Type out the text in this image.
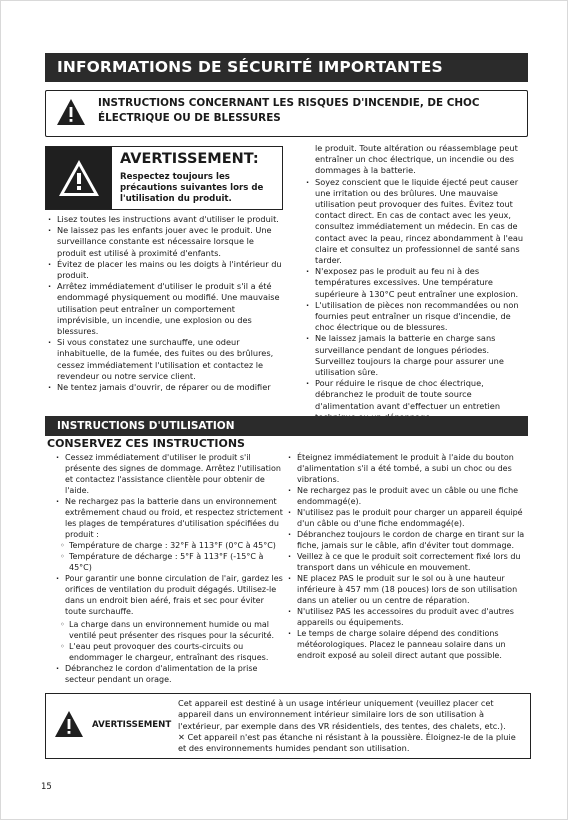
INFORMATIONS DE SÉCURITÉ IMPORTANTES
INSTRUCTIONS CONCERNANT LES RISQUES D'INCENDIE, DE CHOC ÉLECTRIQUE OU DE BLESSURES
AVERTISSEMENT:
Respectez toujours les précautions suivantes lors de l'utilisation du produit.
· Lisez toutes les instructions avant d'utiliser le produit.
· Ne laissez pas les enfants jouer avec le produit. Une surveillance constante est nécessaire lorsque le produit est utilisé à proximité d'enfants.
· Évitez de placer les mains ou les doigts à l'intérieur du produit.
· Arrêtez immédiatement d'utiliser le produit s'il a été endommagé physiquement ou modifié. Une mauvaise utilisation peut entraîner un comportement imprévisible, un incendie, une explosion ou des blessures.
· Si vous constatez une surchauffe, une odeur inhabituelle, de la fumée, des fuites ou des brûlures, cessez immédiatement l'utilisation et contactez le revendeur ou notre service client.
· Ne tentez jamais d'ouvrir, de réparer ou de modifier
le produit. Toute altération ou réassemblage peut entraîner un choc électrique, un incendie ou des dommages à la batterie.
· Soyez conscient que le liquide éjecté peut causer une irritation ou des brûlures. Une mauvaise utilisation peut provoquer des fuites. Évitez tout contact direct. En cas de contact avec les yeux, consultez immédiatement un médecin. En cas de contact avec la peau, rincez abondamment à l'eau claire et consultez un professionnel de santé sans tarder.
· N'exposez pas le produit au feu ni à des températures excessives. Une température supérieure à 130°C peut entraîner une explosion.
· L'utilisation de pièces non recommandées ou non fournies peut entraîner un risque d'incendie, de choc électrique ou de blessures.
· Ne laissez jamais la batterie en charge sans surveillance pendant de longues périodes. Surveillez toujours la charge pour assurer une utilisation sûre.
· Pour réduire le risque de choc électrique, débranchez le produit de toute source d'alimentation avant d'effectuer un entretien
INSTRUCTIONS D'UTILISATION
CONSERVEZ CES INSTRUCTIONS
· Cessez immédiatement d'utiliser le produit s'il présente des signes de dommage. Arrêtez l'utilisation et contactez l'assistance clientèle pour obtenir de l'aide.
· Ne rechargez pas la batterie dans un environnement extrêmement chaud ou froid, et respectez strictement les plages de températures d'utilisation spécifiées du produit :
◦ Température de charge : 32°F à 113°F (0°C à 45°C)
◦ Température de décharge : 5°F à 113°F (-15°C à 45°C)
· Pour garantir une bonne circulation de l'air, gardez les orifices de ventilation du produit dégagés. Utilisez-le dans un endroit bien aéré, frais et sec pour éviter toute surchauffe.
◦ La charge dans un environnement humide ou mal ventilé peut présenter des risques pour la sécurité.
◦ L'eau peut provoquer des courts-circuits ou endommager le chargeur, entraînant des risques.
· Débranchez le cordon d'alimentation de la prise secteur pendant un orage.
· Éteignez immédiatement le produit à l'aide du bouton d'alimentation s'il a été tombé, a subi un choc ou des vibrations.
· Ne rechargez pas le produit avec un câble ou une fiche endommagé(e).
· N'utilisez pas le produit pour charger un appareil équipé d'un câble ou d'une fiche endommagé(e).
· Débranchez toujours le cordon de charge en tirant sur la fiche, jamais sur le câble, afin d'éviter tout dommage.
· Veillez à ce que le produit soit correctement fixé lors du transport dans un véhicule en mouvement.
· NE placez PAS le produit sur le sol ou à une hauteur inférieure à 457 mm (18 pouces) lors de son utilisation dans un atelier ou un centre de réparation.
· N'utilisez PAS les accessoires du produit avec d'autres appareils ou équipements.
· Le temps de charge solaire dépend des conditions météorologiques. Placez le panneau solaire dans un endroit exposé au soleil direct autant que possible.
AVERTISSEMENT
Cet appareil est destiné à un usage intérieur uniquement (veuillez placer cet appareil dans un environnement intérieur similaire lors de son utilisation à l'extérieur, par exemple dans des VR résidentiels, des tentes, des chalets, etc.).
✕ Cet appareil n'est pas étanche ni résistant à la poussière. Éloignez-le de la pluie et des environnements humides pendant son utilisation.
15
